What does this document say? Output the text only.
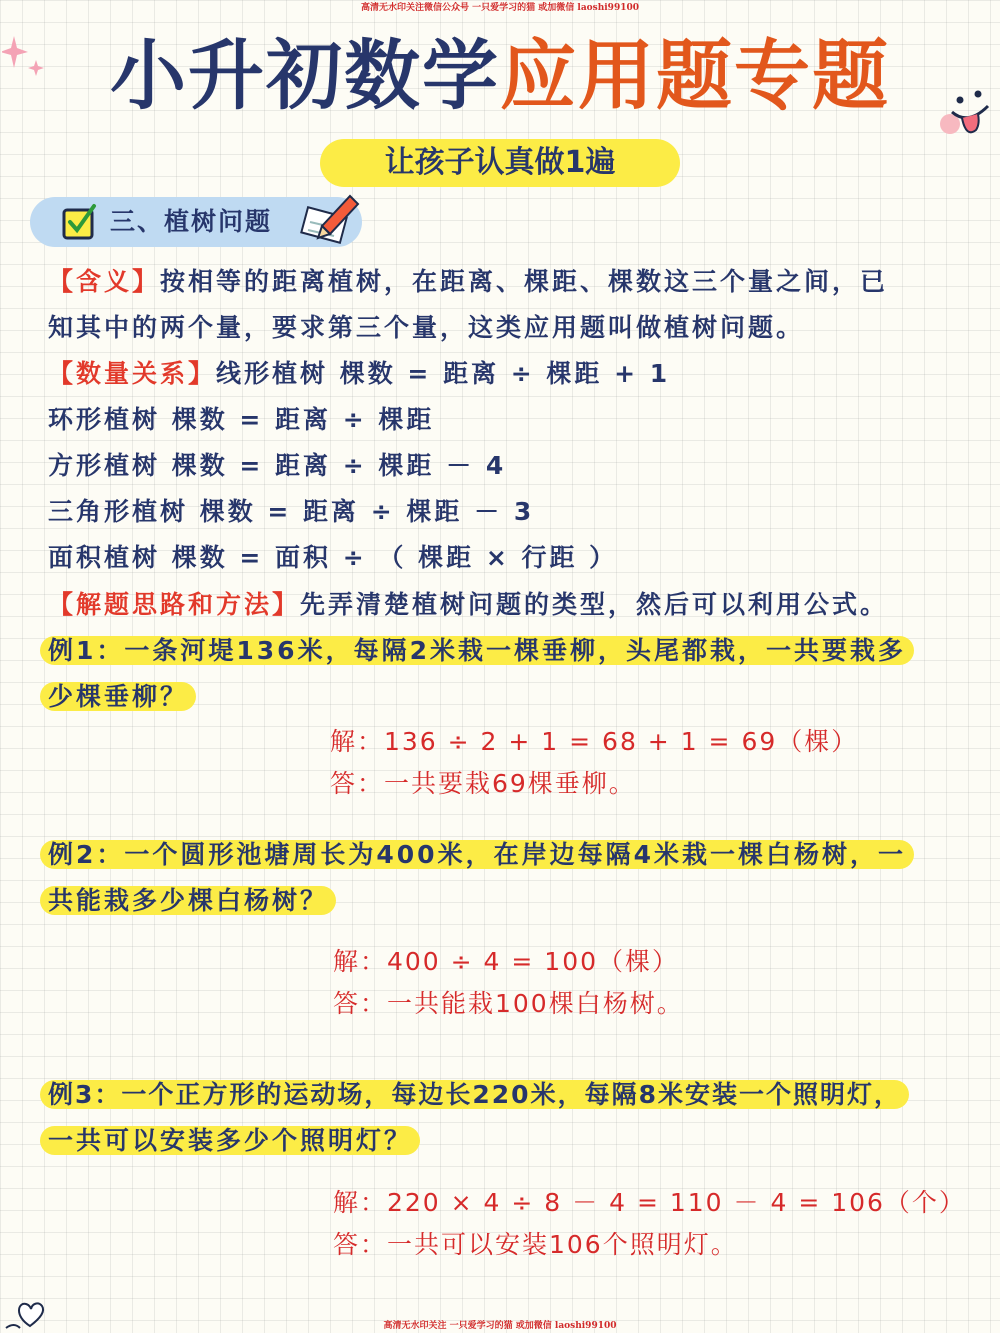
高清无水印关注微信公众号 一只爱学习的猫 或加微信 laoshi99100
高清无水印关注 一只爱学习的猫 或加微信 laoshi99100
小升初数学应用题专题
让孩子认真做1遍
三、植树问题
【含义】按相等的距离植树，在距离、棵距、棵数这三个量之间，已
知其中的两个量，要求第三个量，这类应用题叫做植树问题。
【数量关系】线形植树 棵数 = 距离 ÷ 棵距 + 1
环形植树 棵数 = 距离 ÷ 棵距
方形植树 棵数 = 距离 ÷ 棵距 － 4
三角形植树 棵数 = 距离 ÷ 棵距 － 3
面积植树 棵数 = 面积 ÷ （ 棵距 × 行距 ）
【解题思路和方法】先弄清楚植树问题的类型，然后可以利用公式。
例1：一条河堤136米，每隔2米栽一棵垂柳，头尾都栽，一共要栽多
少棵垂柳？
解：136 ÷ 2 + 1 = 68 + 1 = 69（棵）
答：一共要栽69棵垂柳。
例2：一个圆形池塘周长为400米，在岸边每隔4米栽一棵白杨树，一
共能栽多少棵白杨树？
解：400 ÷ 4 = 100（棵）
答：一共能栽100棵白杨树。
例3：一个正方形的运动场，每边长220米，每隔8米安装一个照明灯，
一共可以安装多少个照明灯？
解：220 × 4 ÷ 8 － 4 = 110 － 4 = 106（个）
答：一共可以安装106个照明灯。
